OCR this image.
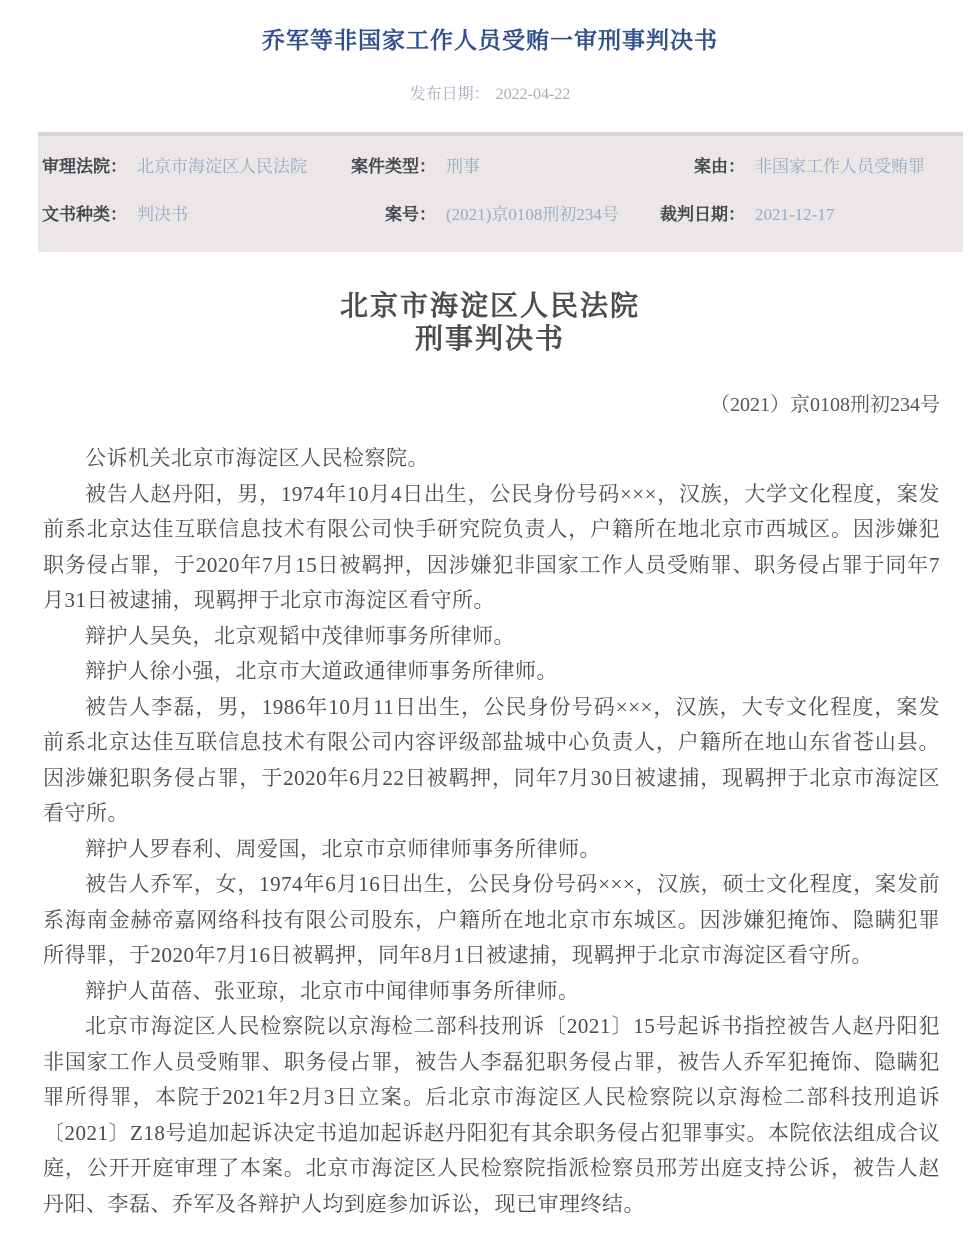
乔军等非国家工作人员受贿一审刑事判决书
发布日期： 2022-04-22
审理法院： 北京市海淀区人民法院	案件类型： 刑事	案由： 非国家工作人员受贿罪
文书种类： 判决书	案号： (2021)京0108刑初234号	裁判日期： 2021-12-17
北京市海淀区人民法院
刑事判决书
（2021）京0108刑初234号

公诉机关北京市海淀区人民检察院。

被告人赵丹阳，男，1974年10月4日出生，公民身份号码×××，汉族，大学文化程度，案发前系北京达佳互联信息技术有限公司快手研究院负责人，户籍所在地北京市西城区。因涉嫌犯职务侵占罪，于2020年7月15日被羁押，因涉嫌犯非国家工作人员受贿罪、职务侵占罪于同年7月31日被逮捕，现羁押于北京市海淀区看守所。

辩护人吴奂，北京观韬中茂律师事务所律师。

辩护人徐小强，北京市大道政通律师事务所律师。

被告人李磊，男，1986年10月11日出生，公民身份号码×××，汉族，大专文化程度，案发前系北京达佳互联信息技术有限公司内容评级部盐城中心负责人，户籍所在地山东省苍山县。因涉嫌犯职务侵占罪，于2020年6月22日被羁押，同年7月30日被逮捕，现羁押于北京市海淀区看守所。

辩护人罗春利、周爱国，北京市京师律师事务所律师。

被告人乔军，女，1974年6月16日出生，公民身份号码×××，汉族，硕士文化程度，案发前系海南金赫帝嘉网络科技有限公司股东，户籍所在地北京市东城区。因涉嫌犯掩饰、隐瞒犯罪所得罪，于2020年7月16日被羁押，同年8月1日被逮捕，现羁押于北京市海淀区看守所。

辩护人苗蓓、张亚琼，北京市中闻律师事务所律师。

北京市海淀区人民检察院以京海检二部科技刑诉〔2021〕15号起诉书指控被告人赵丹阳犯非国家工作人员受贿罪、职务侵占罪，被告人李磊犯职务侵占罪，被告人乔军犯掩饰、隐瞒犯罪所得罪，本院于2021年2月3日立案。后北京市海淀区人民检察院以京海检二部科技刑追诉〔2021〕Z18号追加起诉决定书追加起诉赵丹阳犯有其余职务侵占犯罪事实。本院依法组成合议庭，公开开庭审理了本案。北京市海淀区人民检察院指派检察员邢芳出庭支持公诉，被告人赵丹阳、李磊、乔军及各辩护人均到庭参加诉讼，现已审理终结。
